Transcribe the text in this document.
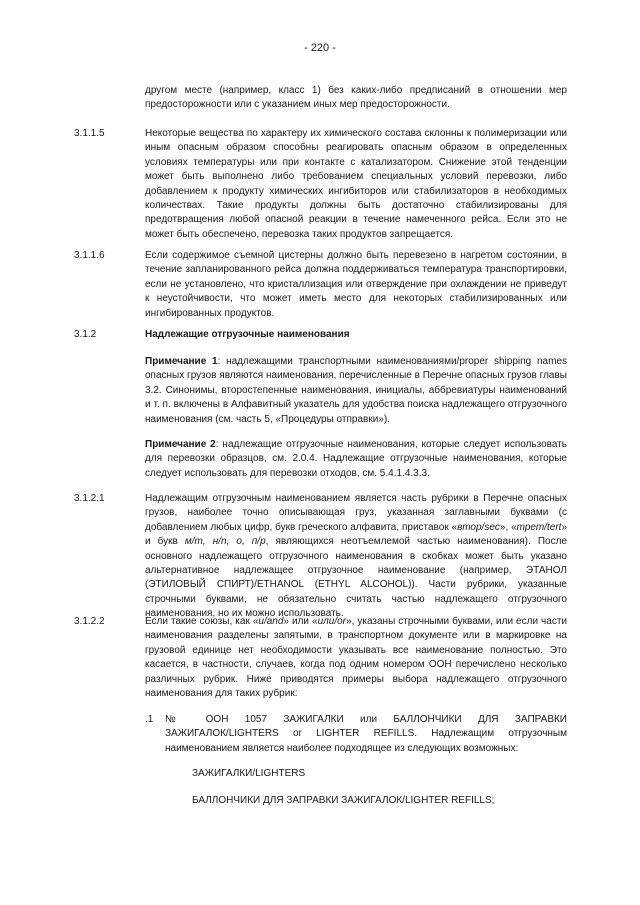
- 220 -

другом месте (например, класс 1) без каких-либо предписаний в отношении мер предосторожности или с указанием иных мер предосторожности.

3.1.1.5	Некоторые вещества по характеру их химического состава склонны к полимеризации или иным опасным образом способны реагировать опасным образом в определенных условиях температуры или при контакте с катализатором. Снижение этой тенденции может быть выполнено либо требованием специальных условий перевозки, либо добавлением к продукту химических ингибиторов или стабилизаторов в необходимых количествах. Такие продукты должны быть достаточно стабилизированы для предотвращения любой опасной реакции в течение намеченного рейса. Если это не может быть обеспечено, перевозка таких продуктов запрещается.

3.1.1.6	Если содержимое съемной цистерны должно быть перевезено в нагретом состоянии, в течение запланированного рейса должна поддерживаться температура транспортировки, если не установлено, что кристаллизация или отверждение при охлаждении не приведут к неустойчивости, что может иметь место для некоторых стабилизированных или ингибированных продуктов.

3.1.2	Надлежащие отгрузочные наименования

Примечание 1: надлежащими транспортными наименованиями/proper shipping names опасных грузов являются наименования, перечисленные в Перечне опасных грузов главы 3.2. Синонимы, второстепенные наименования, инициалы, аббревиатуры наименований и т. п. включены в Алфавитный указатель для удобства поиска надлежащего отгрузочного наименования (см. часть 5, «Процедуры отправки»).

Примечание 2: надлежащие отгрузочные наименования, которые следует использовать для перевозки образцов, см. 2.0.4. Надлежащие отгрузочные наименования, которые следует использовать для перевозки отходов, см. 5.4.1.4.3.3.

3.1.2.1	Надлежащим отгрузочным наименованием является часть рубрики в Перечне опасных грузов, наиболее точно описывающая груз, указанная заглавными буквами (с добавлением любых цифр, букв греческого алфавита, приставок «втор/sec», «трет/tert» и букв м/m, н/n, о, п/p, являющихся неотъемлемой частью наименования). После основного надлежащего отгрузочного наименования в скобках может быть указано альтернативное надлежащее отгрузочное наименование (например, ЭТАНОЛ (ЭТИЛОВЫЙ СПИРТ)/ETHANOL (ETHYL ALCOHOL)). Части рубрики, указанные строчными буквами, не обязательно считать частью надлежащего отгрузочного наименования, но их можно использовать.

3.1.2.2	Если такие союзы, как «и/and» или «или/or», указаны строчными буквами, или если части наименования разделены запятыми, в транспортном документе или в маркировке на грузовой единице нет необходимости указывать все наименование полностью. Это касается, в частности, случаев, когда под одним номером ООН перечислено несколько различных рубрик. Ниже приводятся примеры выбора надлежащего отгрузочного наименования для таких рубрик:

.1 № ООН 1057 ЗАЖИГАЛКИ или БАЛЛОНЧИКИ ДЛЯ ЗАПРАВКИ ЗАЖИГАЛОК/LIGHTERS or LIGHTER REFILLS. Надлежащим отгрузочным наименованием является наиболее подходящее из следующих возможных:

ЗАЖИГАЛКИ/LIGHTERS
БАЛЛОНЧИКИ ДЛЯ ЗАПРАВКИ ЗАЖИГАЛОК/LIGHTER REFILLS;
